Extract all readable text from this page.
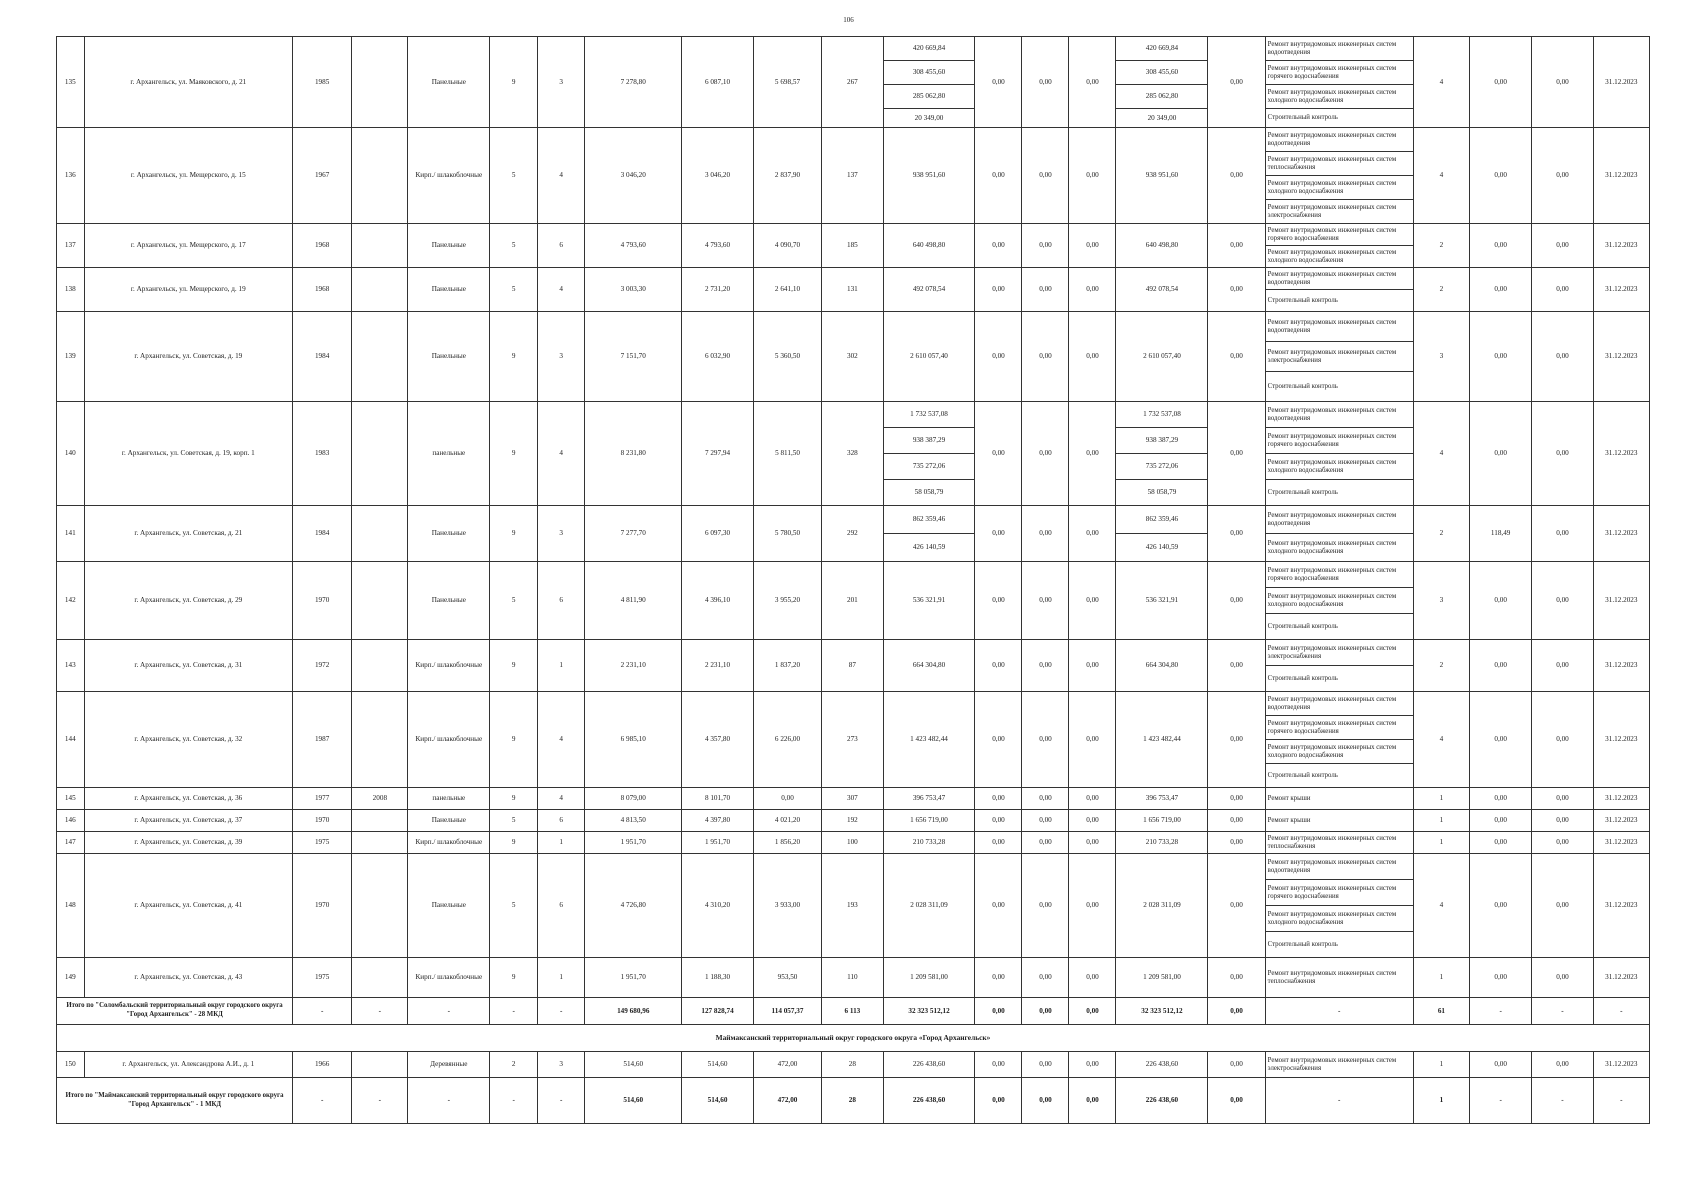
106
135	г. Архангельск, ул. Маяковского, д. 21	1985		Панельные	9	3	7 278,80	6 087,10	5 698,57	267	420 669,84	0,00	0,00	0,00	420 669,84	0,00	Ремонт внутридомовых инженерных систем водоотведения	4	0,00	0,00	31.12.2023
											308 455,60				308 455,60		Ремонт внутридомовых инженерных систем горячего водоснабжения				
											285 062,80				285 062,80		Ремонт внутридомовых инженерных систем холодного водоснабжения				
											20 349,00				20 349,00		Строительный контроль				
136	г. Архангельск, ул. Мещерского, д. 15	1967		Кирп./ шлакоблочные	5	4	3 046,20	3 046,20	2 837,90	137	938 951,60	0,00	0,00	0,00	938 951,60	0,00	Ремонт внутридомовых инженерных систем водоотведения	4	0,00	0,00	31.12.2023
																	Ремонт внутридомовых инженерных систем теплоснабжения				
																	Ремонт внутридомовых инженерных систем холодного водоснабжения				
																	Ремонт внутридомовых инженерных систем электроснабжения				
137	г. Архангельск, ул. Мещерского, д. 17	1968		Панельные	5	6	4 793,60	4 793,60	4 090,70	185	640 498,80	0,00	0,00	0,00	640 498,80	0,00	Ремонт внутридомовых инженерных систем горячего водоснабжения	2	0,00	0,00	31.12.2023
																	Ремонт внутридомовых инженерных систем холодного водоснабжения				
138	г. Архангельск, ул. Мещерского, д. 19	1968		Панельные	5	4	3 003,30	2 731,20	2 641,10	131	492 078,54	0,00	0,00	0,00	492 078,54	0,00	Ремонт внутридомовых инженерных систем водоотведения	2	0,00	0,00	31.12.2023
																	Строительный контроль				
139	г. Архангельск, ул. Советская, д. 19	1984		Панельные	9	3	7 151,70	6 032,90	5 360,50	302	2 610 057,40	0,00	0,00	0,00	2 610 057,40	0,00	Ремонт внутридомовых инженерных систем водоотведения	3	0,00	0,00	31.12.2023
																	Ремонт внутридомовых инженерных систем электроснабжения				
																	Строительный контроль				
140	г. Архангельск, ул. Советская, д. 19, корп. 1	1983		панельные	9	4	8 231,80	7 297,94	5 811,50	328	1 732 537,08	0,00	0,00	0,00	1 732 537,08	0,00	Ремонт внутридомовых инженерных систем водоотведения	4	0,00	0,00	31.12.2023
											938 387,29				938 387,29		Ремонт внутридомовых инженерных систем горячего водоснабжения				
											735 272,06				735 272,06		Ремонт внутридомовых инженерных систем холодного водоснабжения				
											58 058,79				58 058,79		Строительный контроль				
141	г. Архангельск, ул. Советская, д. 21	1984		Панельные	9	3	7 277,70	6 097,30	5 780,50	292	862 359,46	0,00	0,00	0,00	862 359,46	0,00	Ремонт внутридомовых инженерных систем водоотведения	2	118,49	0,00	31.12.2023
											426 140,59				426 140,59		Ремонт внутридомовых инженерных систем холодного водоснабжения				
142	г. Архангельск, ул. Советская, д. 29	1970		Панельные	5	6	4 811,90	4 396,10	3 955,20	201	536 321,91	0,00	0,00	0,00	536 321,91	0,00	Ремонт внутридомовых инженерных систем горячего водоснабжения	3	0,00	0,00	31.12.2023
																	Ремонт внутридомовых инженерных систем холодного водоснабжения				
																	Строительный контроль				
143	г. Архангельск, ул. Советская, д. 31	1972		Кирп./ шлакоблочные	9	1	2 231,10	2 231,10	1 837,20	87	664 304,80	0,00	0,00	0,00	664 304,80	0,00	Ремонт внутридомовых инженерных систем электроснабжения	2	0,00	0,00	31.12.2023
																	Строительный контроль				
144	г. Архангельск, ул. Советская, д. 32	1987		Кирп./ шлакоблочные	9	4	6 985,10	4 357,80	6 226,00	273	1 423 482,44	0,00	0,00	0,00	1 423 482,44	0,00	Ремонт внутридомовых инженерных систем водоотведения	4	0,00	0,00	31.12.2023
																	Ремонт внутридомовых инженерных систем горячего водоснабжения				
																	Ремонт внутридомовых инженерных систем холодного водоснабжения				
																	Строительный контроль				
145	г. Архангельск, ул. Советская, д. 36	1977	2008	панельные	9	4	8 079,00	8 101,70	0,00	307	396 753,47	0,00	0,00	0,00	396 753,47	0,00	Ремонт крыши	1	0,00	0,00	31.12.2023
146	г. Архангельск, ул. Советская, д. 37	1970		Панельные	5	6	4 813,50	4 397,80	4 021,20	192	1 656 719,00	0,00	0,00	0,00	1 656 719,00	0,00	Ремонт крыши	1	0,00	0,00	31.12.2023
147	г. Архангельск, ул. Советская, д. 39	1975		Кирп./ шлакоблочные	9	1	1 951,70	1 951,70	1 856,20	100	210 733,28	0,00	0,00	0,00	210 733,28	0,00	Ремонт внутридомовых инженерных систем теплоснабжения	1	0,00	0,00	31.12.2023
148	г. Архангельск, ул. Советская, д. 41	1970		Панельные	5	6	4 726,80	4 310,20	3 933,00	193	2 028 311,09	0,00	0,00	0,00	2 028 311,09	0,00	Ремонт внутридомовых инженерных систем водоотведения	4	0,00	0,00	31.12.2023
																	Ремонт внутридомовых инженерных систем горячего водоснабжения				
																	Ремонт внутридомовых инженерных систем холодного водоснабжения				
																	Строительный контроль				
149	г. Архангельск, ул. Советская, д. 43	1975		Кирп./ шлакоблочные	9	1	1 951,70	1 188,30	953,50	110	1 209 581,00	0,00	0,00	0,00	1 209 581,00	0,00	Ремонт внутридомовых инженерных систем теплоснабжения	1	0,00	0,00	31.12.2023
Итого по "Соломбальский территориальный округ городского округа "Город Архангельск" - 28 МКД		-	-	-	-	-	149 680,96	127 828,74	114 057,37	6 113	32 323 512,12	0,00	0,00	0,00	32 323 512,12	0,00	-	61	-	-	-
Маймаксанский территориальный округ городского округа «Город Архангельск»																					
150	г. Архангельск, ул. Александрова А.И., д. 1	1966		Деревянные	2	3	514,60	514,60	472,00	28	226 438,60	0,00	0,00	0,00	226 438,60	0,00	Ремонт внутридомовых инженерных систем электроснабжения	1	0,00	0,00	31.12.2023
Итого по "Маймаксанский территориальный округ городского округа "Город Архангельск" - 1 МКД		-	-	-	-	-	514,60	514,60	472,00	28	226 438,60	0,00	0,00	0,00	226 438,60	0,00	-	1	-	-	-
